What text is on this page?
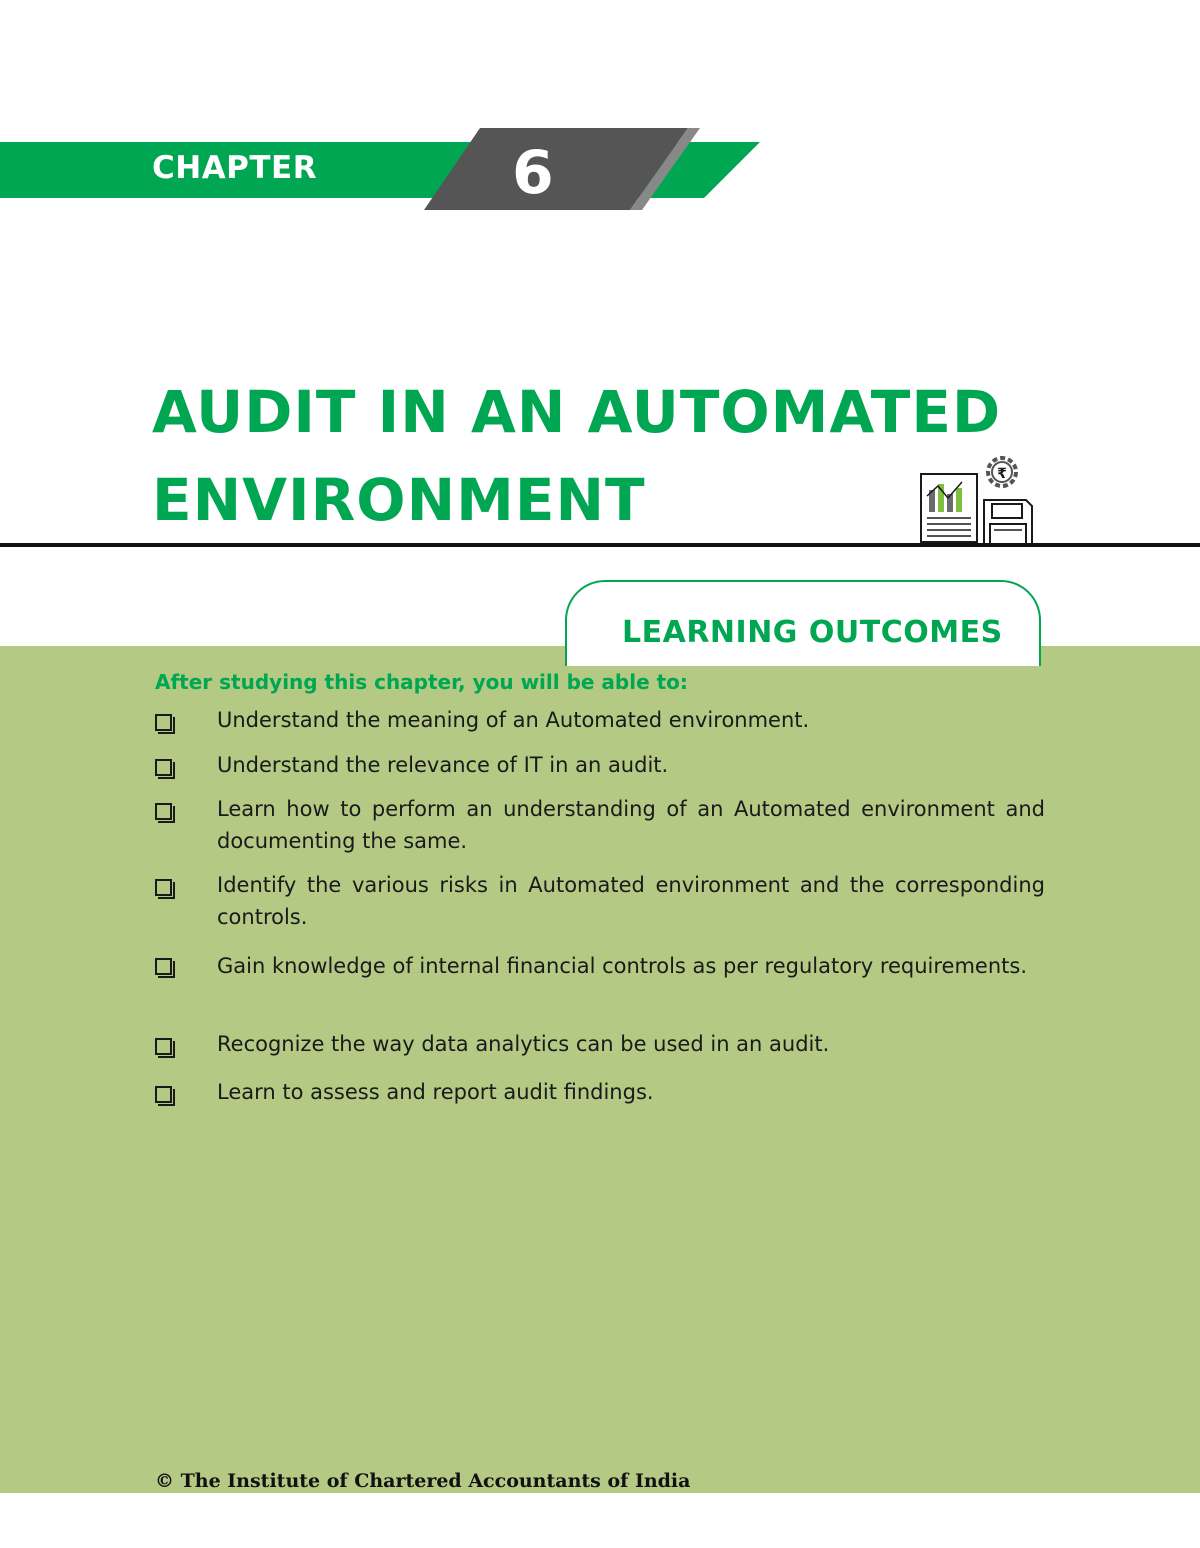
CHAPTER	6
AUDIT IN AN AUTOMATED
ENVIRONMENT	₹
LEARNING OUTCOMES
After studying this chapter, you will be able to:
Understand the meaning of an Automated environment.
Understand the relevance of IT in an audit.
Learn how to perform an understanding of an Automated environment and documenting the same.
Identify the various risks in Automated environment and the corresponding controls.
Gain knowledge of internal financial controls as per regulatory requirements.
Recognize the way data analytics can be used in an audit.
Learn to assess and report audit findings.
© The Institute of Chartered Accountants of India
